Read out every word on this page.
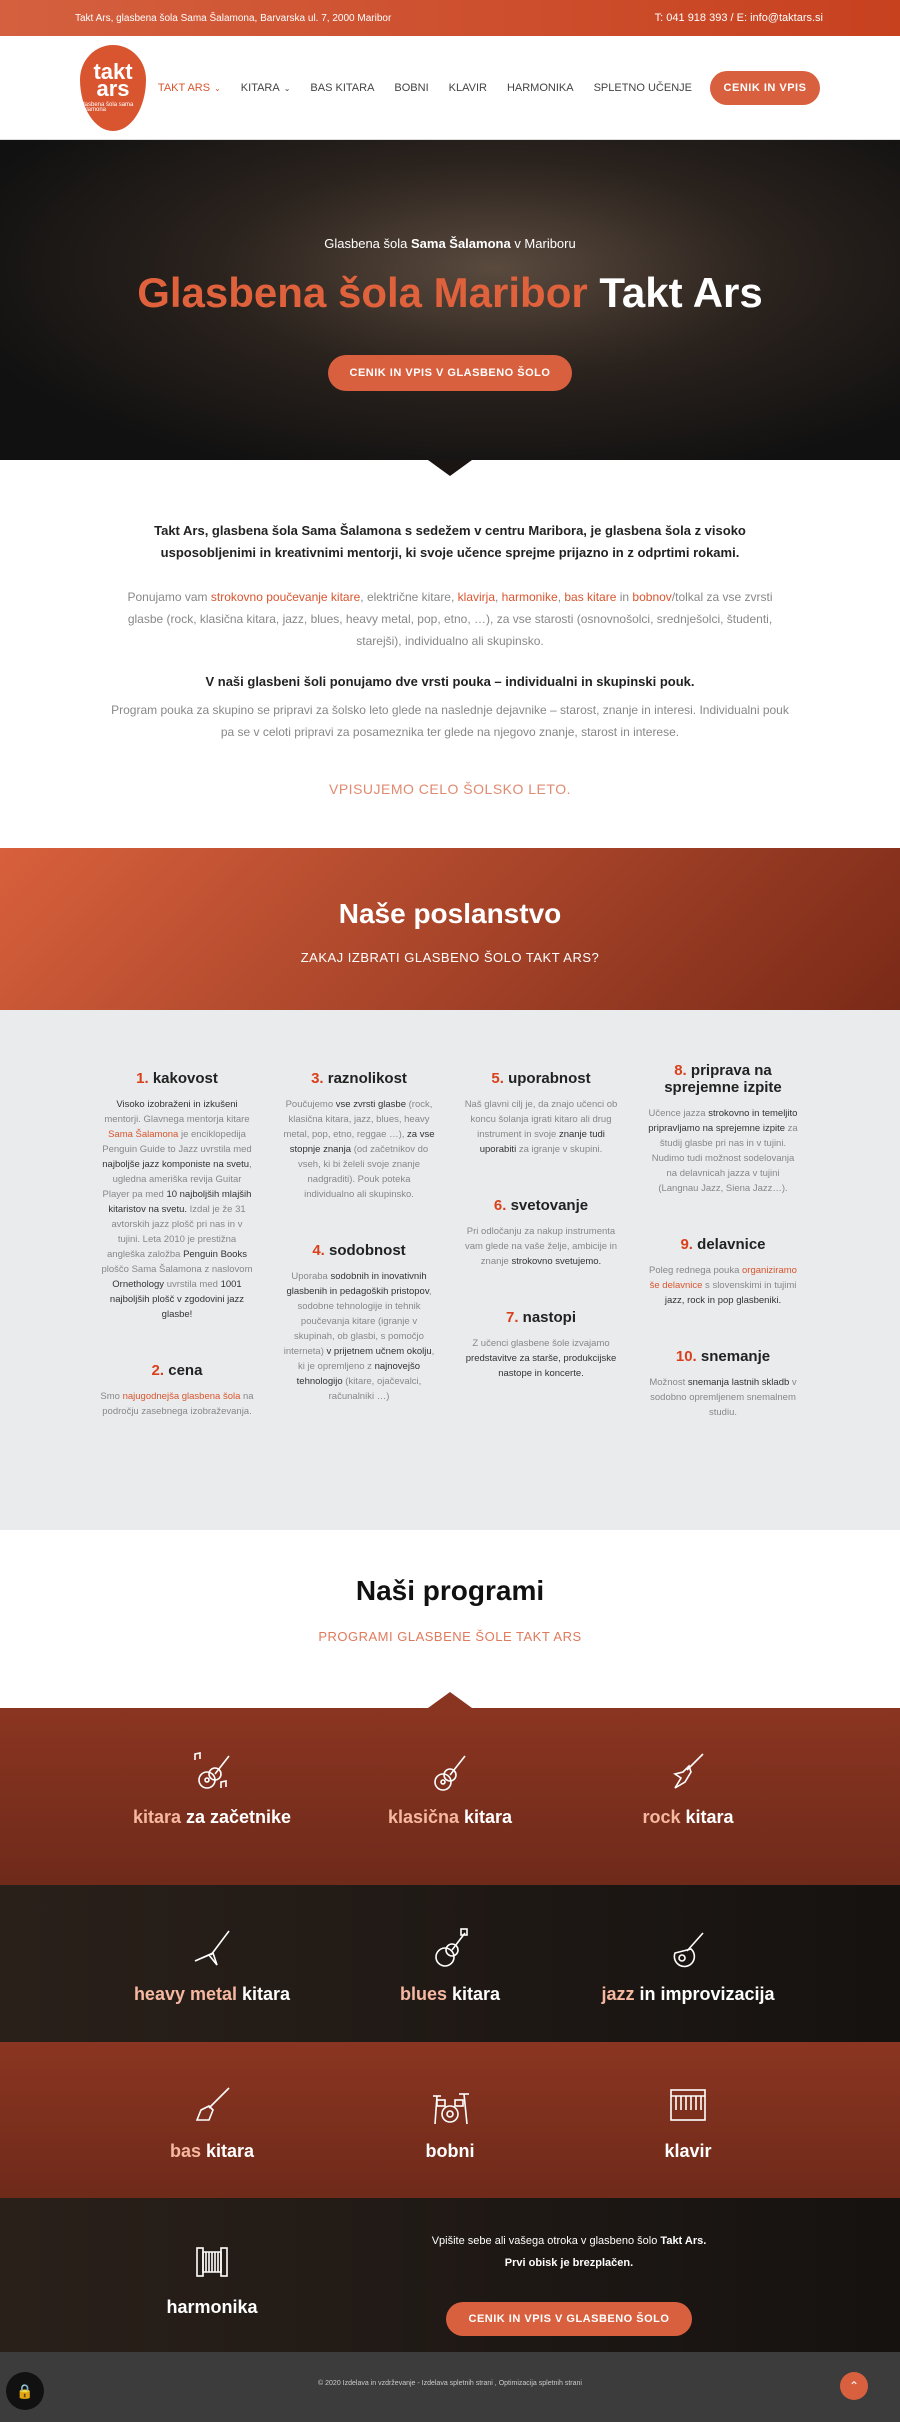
Takt Ars, glasbena šola Sama Šalamona, Barvarska ul. 7, 2000 Maribor	T: 041 918 393 / E: info@taktars.si
takt
ars
glasbena šola sama šalamona
TAKT ARS ⌄ KITARA ⌄ BAS KITARA BOBNI KLAVIR HARMONIKA SPLETNO UČENJE	CENIK IN VPIS
Glasbena šola Sama Šalamona v Mariboru
Glasbena šola Maribor Takt Ars
CENIK IN VPIS V GLASBENO ŠOLO
Takt Ars, glasbena šola Sama Šalamona s sedežem v centru Maribora, je glasbena šola z visoko usposobljenimi in kreativnimi mentorji, ki svoje učence sprejme prijazno in z odprtimi rokami.

Ponujamo vam strokovno poučevanje kitare, električne kitare, klavirja, harmonike, bas kitare in bobnov/tolkal za vse zvrsti glasbe (rock, klasična kitara, jazz, blues, heavy metal, pop, etno, …), za vse starosti (osnovnošolci, srednješolci, študenti, starejši), individualno ali skupinsko.

V naši glasbeni šoli ponujamo dve vrsti pouka – individualni in skupinski pouk.

Program pouka za skupino se pripravi za šolsko leto glede na naslednje dejavnike – starost, znanje in interesi. Individualni pouk pa se v celoti pripravi za posameznika ter glede na njegovo znanje, starost in interese.

VPISUJEMO CELO ŠOLSKO LETO.
Naše poslanstvo
ZAKAJ IZBRATI GLASBENO ŠOLO TAKT ARS?
1. kakovost

Visoko izobraženi in izkušeni mentorji. Glavnega mentorja kitare Sama Šalamona je enciklopedija Penguin Guide to Jazz uvrstila med najboljše jazz komponiste na svetu, ugledna ameriška revija Guitar Player pa med 10 najboljših mlajših kitaristov na svetu. Izdal je že 31 avtorskih jazz plošč pri nas in v tujini. Leta 2010 je prestižna angleška založba Penguin Books ploščo Sama Šalamona z naslovom Ornethology uvrstila med 1001 najboljših plošč v zgodovini jazz glasbe!

2. cena

Smo najugodnejša glasbena šola na področju zasebnega izobraževanja.

3. raznolikost

Poučujemo vse zvrsti glasbe (rock, klasična kitara, jazz, blues, heavy metal, pop, etno, reggae …), za vse stopnje znanja (od začetnikov do vseh, ki bi želeli svoje znanje nadgraditi). Pouk poteka individualno ali skupinsko.

4. sodobnost

Uporaba sodobnih in inovativnih glasbenih in pedagoških pristopov, sodobne tehnologije in tehnik poučevanja kitare (igranje v skupinah, ob glasbi, s pomočjo interneta) v prijetnem učnem okolju, ki je opremljeno z najnovejšo tehnologijo (kitare, ojačevalci, računalniki …)

5. uporabnost

Naš glavni cilj je, da znajo učenci ob koncu šolanja igrati kitaro ali drug instrument in svoje znanje tudi uporabiti za igranje v skupini.

6. svetovanje

Pri odločanju za nakup instrumenta vam glede na vaše želje, ambicije in znanje strokovno svetujemo.

7. nastopi

Z učenci glasbene šole izvajamo predstavitve za starše, produkcijske nastope in koncerte.

8. priprava na sprejemne izpite

Učence jazza strokovno in temeljito pripravljamo na sprejemne izpite za študij glasbe pri nas in v tujini. Nudimo tudi možnost sodelovanja na delavnicah jazza v tujini (Langnau Jazz, Siena Jazz…).

9. delavnice

Poleg rednega pouka organiziramo še delavnice s slovenskimi in tujimi jazz, rock in pop glasbeniki.

10. snemanje

Možnost snemanja lastnih skladb v sodobno opremljenem snemalnem studiu.

Naši programi
PROGRAMI GLASBENE ŠOLE TAKT ARS
kitara za začetnike	klasična kitara	rock kitara
heavy metal kitara	blues kitara	jazz in improvizacija
bas kitara	bobni	klavir
harmonika
Vpišite sebe ali vašega otroka v glasbeno šolo Takt Ars.
Prvi obisk je brezplačen.
CENIK IN VPIS V GLASBENO ŠOLO
🔒	© 2020 Izdelava in vzdrževanje - Izdelava spletnih strani , Optimizacija spletnih strani	⌃
